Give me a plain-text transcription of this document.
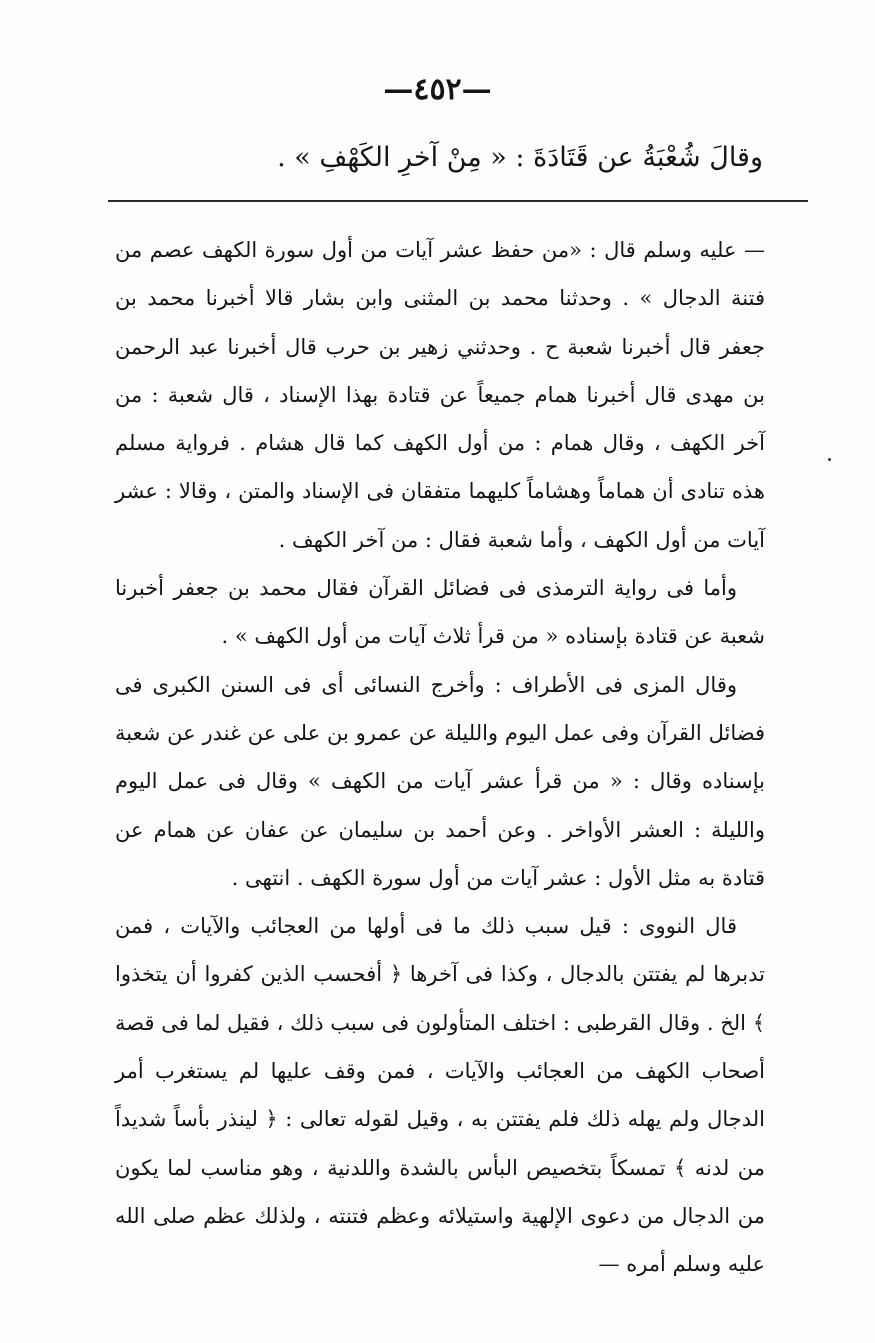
—٤٥٢—
وقالَ شُعْبَةُ عن قَتَادَةَ : « مِنْ آخرِ الكَهْفِ » .

— عليه وسلم قال : «من حفظ عشر آيات من أول سورة الكهف عصم من فتنة الدجال » . وحدثنا محمد بن المثنى وابن بشار قالا أخبرنا محمد بن جعفر قال أخبرنا شعبة ح . وحدثني زهير بن حرب قال أخبرنا عبد الرحمن بن مهدى قال أخبرنا همام جميعاً عن قتادة بهذا الإسناد ، قال شعبة : من آخر الكهف ، وقال همام : من أول الكهف كما قال هشام . فرواية مسلم هذه تنادى أن هماماً وهشاماً كليهما متفقان فى الإسناد والمتن ، وقالا : عشر آيات من أول الكهف ، وأما شعبة فقال : من آخر الكهف .

وأما فى رواية الترمذى فى فضائل القرآن فقال محمد بن جعفر أخبرنا شعبة عن قتادة بإسناده « من قرأ ثلاث آيات من أول الكهف » .

وقال المزى فى الأطراف : وأخرج النسائى أى فى السنن الكبرى فى فضائل القرآن وفى عمل اليوم والليلة عن عمرو بن على عن غندر عن شعبة بإسناده وقال : « من قرأ عشر آيات من الكهف » وقال فى عمل اليوم والليلة : العشر الأواخر . وعن أحمد بن سليمان عن عفان عن همام عن قتادة به مثل الأول : عشر آيات من أول سورة الكهف . انتهى .

قال النووى : قيل سبب ذلك ما فى أولها من العجائب والآيات ، فمن تدبرها لم يفتتن بالدجال ، وكذا فى آخرها ﴿ أفحسب الذين كفروا أن يتخذوا ﴾ الخ . وقال القرطبى : اختلف المتأولون فى سبب ذلك ، فقيل لما فى قصة أصحاب الكهف من العجائب والآيات ، فمن وقف عليها لم يستغرب أمر الدجال ولم يهله ذلك فلم يفتتن به ، وقيل لقوله تعالى : ﴿ لينذر بأساً شديداً من لدنه ﴾ تمسكاً بتخصيص البأس بالشدة واللدنية ، وهو مناسب لما يكون من الدجال من دعوى الإلهية واستيلائه وعظم فتنته ، ولذلك عظم صلى الله عليه وسلم أمره —
